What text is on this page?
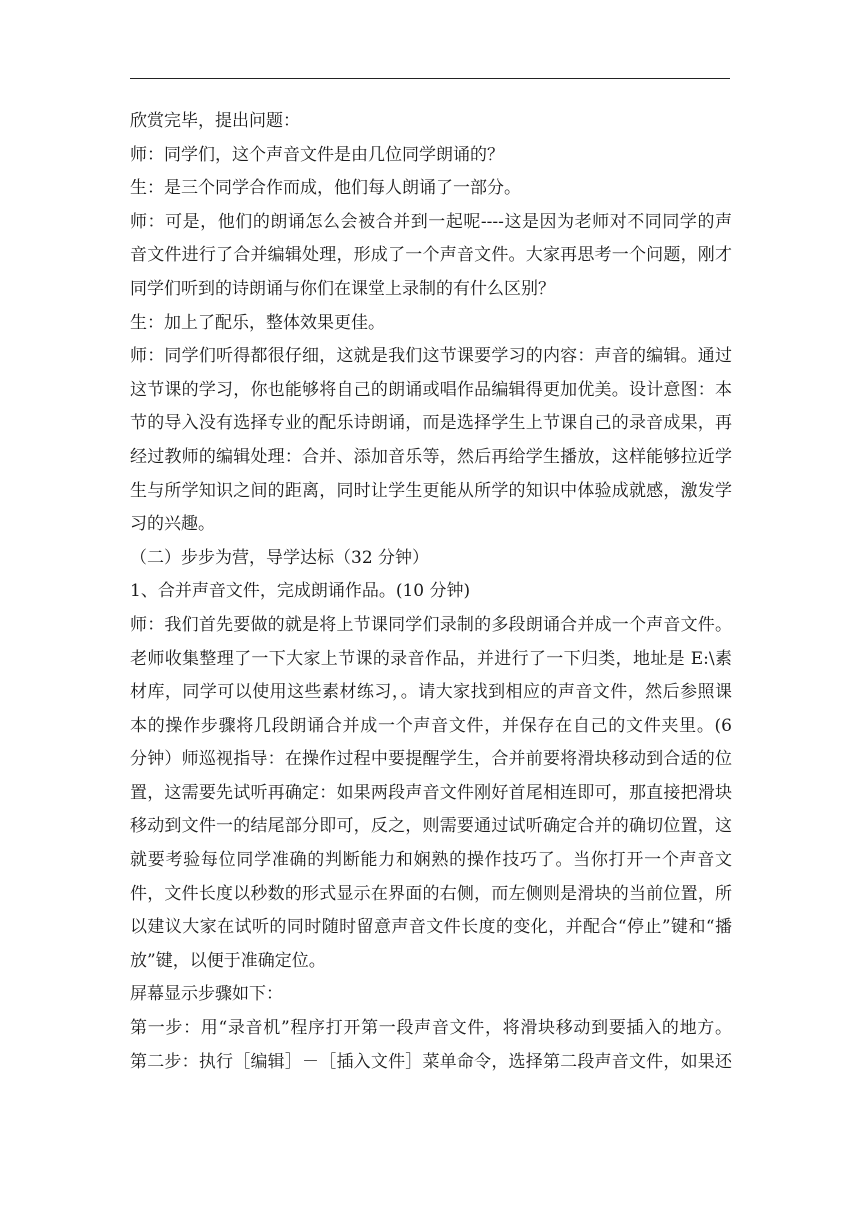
欣赏完毕，提出问题：
师：同学们，这个声音文件是由几位同学朗诵的？
生：是三个同学合作而成，他们每人朗诵了一部分。
师：可是，他们的朗诵怎么会被合并到一起呢----这是因为老师对不同同学的声
音文件进行了合并编辑处理，形成了一个声音文件。大家再思考一个问题，刚才
同学们听到的诗朗诵与你们在课堂上录制的有什么区别？
生：加上了配乐，整体效果更佳。
师：同学们听得都很仔细，这就是我们这节课要学习的内容：声音的编辑。通过
这节课的学习，你也能够将自己的朗诵或唱作品编辑得更加优美。设计意图：本
节的导入没有选择专业的配乐诗朗诵，而是选择学生上节课自己的录音成果，再
经过教师的编辑处理：合并、添加音乐等，然后再给学生播放，这样能够拉近学
生与所学知识之间的距离，同时让学生更能从所学的知识中体验成就感，激发学
习的兴趣。
（二）步步为营，导学达标（32 分钟）
1、合并声音文件，完成朗诵作品。(10 分钟)
师：我们首先要做的就是将上节课同学们录制的多段朗诵合并成一个声音文件。
老师收集整理了一下大家上节课的录音作品，并进行了一下归类，地址是 E:\素
材库，同学可以使用这些素材练习，。请大家找到相应的声音文件，然后参照课
本的操作步骤将几段朗诵合并成一个声音文件，并保存在自己的文件夹里。(6
分钟）师巡视指导：在操作过程中要提醒学生，合并前要将滑块移动到合适的位
置，这需要先试听再确定：如果两段声音文件刚好首尾相连即可，那直接把滑块
移动到文件一的结尾部分即可，反之，则需要通过试听确定合并的确切位置，这
就要考验每位同学准确的判断能力和娴熟的操作技巧了。当你打开一个声音文
件，文件长度以秒数的形式显示在界面的右侧，而左侧则是滑块的当前位置，所
以建议大家在试听的同时随时留意声音文件长度的变化，并配合“停止”键和“播
放”键，以便于准确定位。
屏幕显示步骤如下：
第一步：用“录音机”程序打开第一段声音文件，将滑块移动到要插入的地方。
第二步：执行［编辑］－［插入文件］菜单命令，选择第二段声音文件，如果还
